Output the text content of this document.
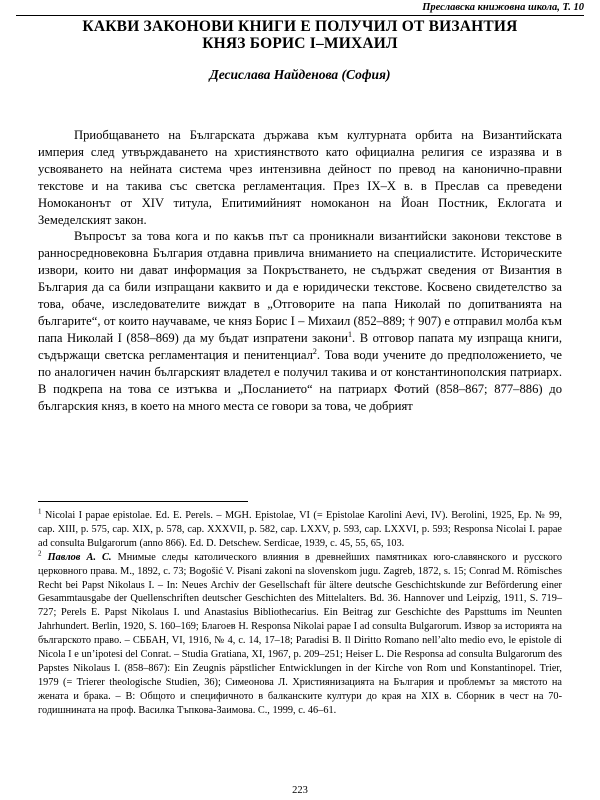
Преславска книжовна школа, Т. 10
КАКВИ ЗАКОНОВИ КНИГИ Е ПОЛУЧИЛ ОТ ВИЗАНТИЯ
КНЯЗ БОРИС I–МИХАИЛ
Десислава Найденова (София)

Приобщаването на Българската държава към културната орбита на Византийската империя след утвърждаването на християнството като официална религия се изразява и в усвояването на нейната система чрез интензивна дейност по превод на канонично-правни текстове и на такива със светска регламентация. През IX–X в. в Преслав са преведени Номоканонът от XIV титула, Епитимийният номоканон на Йоан Постник, Еклогата и Земеделският закон.

Въпросът за това кога и по какъв път са проникнали византийски законови текстове в ранносредновековна България отдавна привлича вниманието на специалистите. Историческите извори, които ни дават информация за Покръстването, не съдържат сведения от Византия в България да са били изпращани каквито и да е юридически текстове. Косвено свидетелство за това, обаче, изследователите виждат в „Отговорите на папа Николай по допитванията на българите“, от които научаваме, че княз Борис I – Михаил (852–889; † 907) е отправил молба към папа Николай I (858–869) да му бъдат изпратени закони$^1$. В отговор папата му изпраща книги, съдържащи светска регламентация и пенитенциал$^2$. Това води учените до предположението, че по аналогичен начин българският владетел е получил такива и от константинополския патриарх. В подкрепа на това се изтъква и „Посланието“ на патриарх Фотий (858–867; 877–886) до българския княз, в което на много места се говори за това, че добрият

$^1$ Nicolai I papae epistolae. Ed. E. Perels. – MGH. Epistolae, VI (= Epistolae Karolini Aevi, IV). Berolini, 1925, Ep. № 99, cap. XIII, p. 575, cap. XIX, p. 578, cap. XXXVII, p. 582, cap. LXXV, p. 593, cap. LXXVI, p. 593; Responsa Nicolai I. papae ad consulta Bulgarorum (anno 866). Ed. D. Detschew. Serdicae, 1939, c. 45, 55, 65, 103.

$^2$ Павлов А. С. Мнимые следы католического влияния в древнейших памятниках юго-славянского и русского церковного права. М., 1892, с. 73; Bogošić V. Pisani zakoni na slovenskom jugu. Zagreb, 1872, s. 15; Conrad M. Römisches Recht bei Papst Nikolaus I. – In: Neues Archiv der Gesellschaft für ältere deutsche Geschichtskunde zur Beförderung einer Gesammtausgabe der Quellenschriften deutscher Geschichten des Mittelalters. Bd. 36. Hannover und Leipzig, 1911, S. 719–727; Perels E. Papst Nikolaus I. und Anastasius Bibliothecarius. Ein Beitrag zur Geschichte des Papsttums im Neunten Jahrhundert. Berlin, 1920, S. 160–169; Благоев Н. Responsa Nikolai papae I ad consulta Bulgarorum. Извор за историята на българското право. – СББАН, VI, 1916, № 4, с. 14, 17–18; Paradisi B. Il Diritto Romano nell’alto medio evo, le epistole di Nicola I e un’ipotesi del Conrat. – Studia Gratiana, XI, 1967, p. 209–251; Heiser L. Die Responsa ad consulta Bulgarorum des Papstes Nikolaus I. (858–867): Ein Zeugnis päpstlicher Entwicklungen in der Kirche von Rom und Konstantinopel. Trier, 1979 (= Trierer theologische Studien, 36); Симеонова Л. Християнизацията на България и проблемът за мястото на жената и брака. – В: Общото и специфичното в балканските култури до края на XIX в. Сборник в чест на 70-годишнината на проф. Василка Тъпкова-Заимова. С., 1999, с. 46–61.

223
